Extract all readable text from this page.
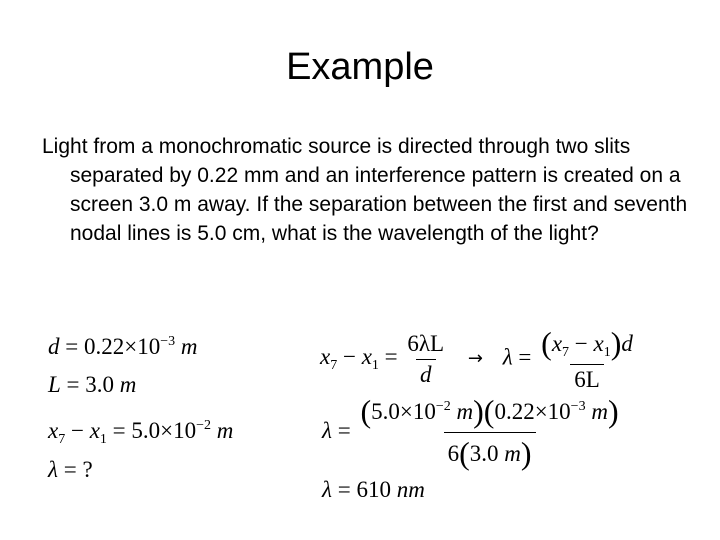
Example

Light from a monochromatic source is directed through two slits separated by 0.22 mm and an interference pattern is created on a screen 3.0 m away. If the separation between the first and seventh nodal lines is 5.0 cm, what is the wavelength of the light?

$d = 0.22\times 10^{-3}$ m
L = 3.0 m
$x_7 - x_1 = 5.0\times 10^{-2}$ m
λ = ?
$x_7 - x_1 = \frac{6\lambda L}{d} \to \lambda = \frac{(x_7 - x_1)d}{6L}$
$\lambda = \frac{(5.0\times 10^{-2} m)(0.22\times 10^{-3} m)}{6(3.0 m)}$
λ = 610 nm
